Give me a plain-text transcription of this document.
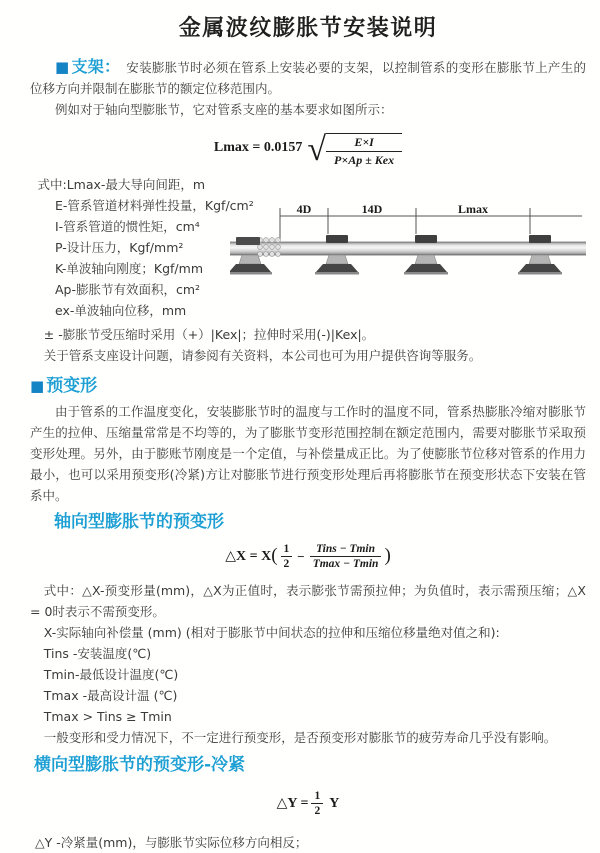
金属波纹膨胀节安装说明

■ 支架： 安装膨胀节时必须在管系上安装必要的支架，以控制管系的变形在膨胀节上产生的位移方向并限制在膨胀节的额定位移范围内。

例如对于轴向型膨胀节，它对管系支座的基本要求如图所示：

Lmax = 0.0157 √	E×I
P×Ap ± Kex
式中:Lmax-最大导向间距，m
E-管系管道材料弹性投量，Kgf/cm²
I-管系管道的惯性矩，cm⁴
P-设计压力，Kgf/mm²
K-单波轴向刚度；Kgf/mm
Ap-膨胀节有效面积，cm²
ex-单波轴向位移，mm
4D	14D	Lmax
± -膨胀节受压缩时采用（+）|Kex|；拉伸时采用(-)|Kex|。
关于管系支座设计问题，请参阅有关资料，本公司也可为用户提供咨询等服务。
■ 预变形

由于管系的工作温度变化，安装膨胀节时的温度与工作时的温度不同，管系热膨胀冷缩对膨胀节产生的拉伸、压缩量常常是不均等的，为了膨胀节变形范围控制在额定范围内，需要对膨胀节采取预变形处理。另外，由于膨账节刚度是一个定值，与补偿量成正比。为了使膨胀节位移对管系的作用力最小，也可以采用预变形(冷紧)方让对膨胀节进行预变形处理后再将膨胀节在预变形状态下安装在管系中。

轴向型膨胀节的预变形
△X = X ( $\frac{1}{2} - \frac{\text{Tins − Tmin}}{Tmax - Tmin}$ )

式中：△X-预变形量(mm)，△X为正值时，表示膨张节需预拉伸；为负值时，表示需预压缩；△X = 0时表示不需预变形。

X-实际轴向补偿量 (mm) (相对于膨胀节中间状态的拉伸和压缩位移量绝对值之和):
Tins -安装温度(℃)
Tmin-最低设计温度(℃)
Tmax -最高设计温 (℃)
Tmax > Tins ≥ Tmin
一般变形和受力情况下，不一定进行预变形，是否预变形对膨胀节的疲劳寿命几乎没有影响。
横向型膨胀节的预变形-冷紧
△Y = $\frac{1}{2}$ Y
△Y -冷紧量(mm)，与膨胀节实际位移方向相反；
